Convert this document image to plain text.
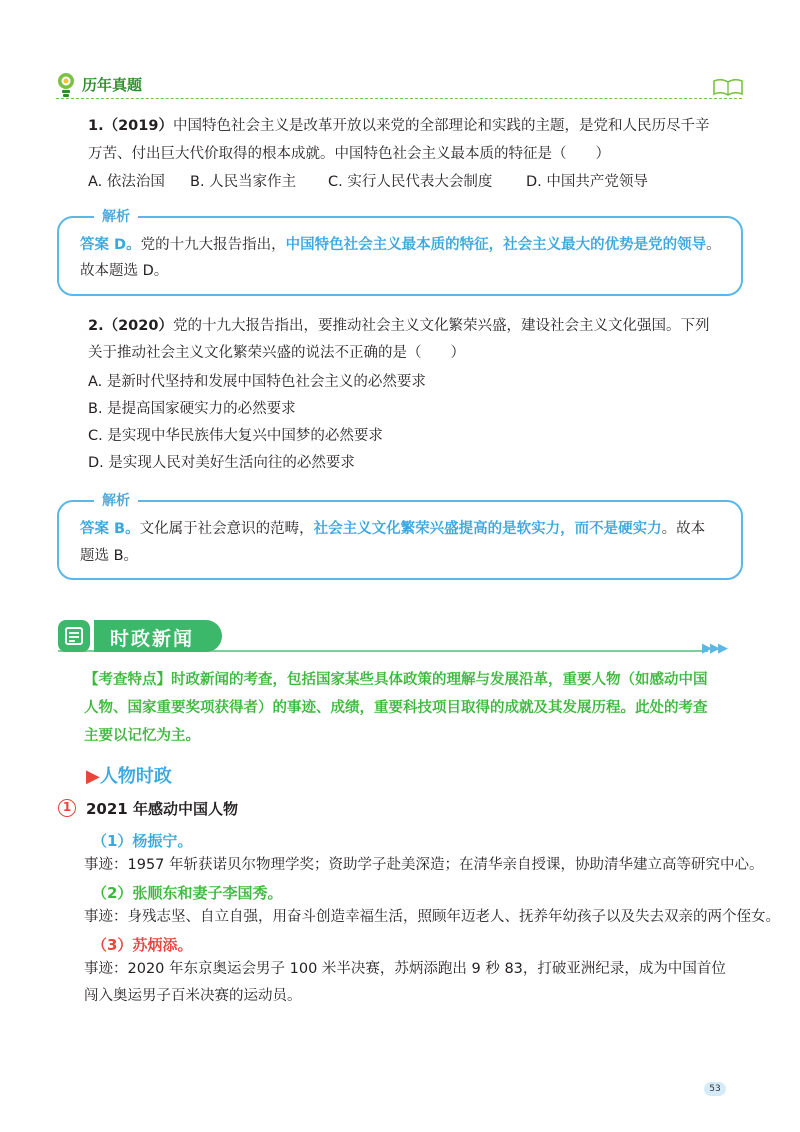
历年真题
1.（2019）中国特色社会主义是改革开放以来党的全部理论和实践的主题，是党和人民历尽千辛
万苦、付出巨大代价取得的根本成就。中国特色社会主义最本质的特征是（　　）
A. 依法治国 B. 人民当家作主 C. 实行人民代表大会制度 D. 中国共产党领导
解析
答案 D。党的十九大报告指出，中国特色社会主义最本质的特征，社会主义最大的优势是党的领导。
故本题选 D。
2.（2020）党的十九大报告指出，要推动社会主义文化繁荣兴盛，建设社会主义文化强国。下列
关于推动社会主义文化繁荣兴盛的说法不正确的是（　　）
A. 是新时代坚持和发展中国特色社会主义的必然要求
B. 是提高国家硬实力的必然要求
C. 是实现中华民族伟大复兴中国梦的必然要求
D. 是实现人民对美好生活向往的必然要求
解析
答案 B。文化属于社会意识的范畴，社会主义文化繁荣兴盛提高的是软实力，而不是硬实力。故本
题选 B。
时政新闻	▶▶▶
【考查特点】时政新闻的考查，包括国家某些具体政策的理解与发展沿革，重要人物（如感动中国
人物、国家重要奖项获得者）的事迹、成绩，重要科技项目取得的成就及其发展历程。此处的考查
主要以记忆为主。
▶人物时政
1 2021 年感动中国人物
（1）杨振宁。
事迹：1957 年斩获诺贝尔物理学奖；资助学子赴美深造；在清华亲自授课，协助清华建立高等研究中心。
（2）张顺东和妻子李国秀。
事迹：身残志坚、自立自强，用奋斗创造幸福生活，照顾年迈老人、抚养年幼孩子以及失去双亲的两个侄女。
（3）苏炳添。
事迹：2020 年东京奥运会男子 100 米半决赛，苏炳添跑出 9 秒 83，打破亚洲纪录，成为中国首位
闯入奥运男子百米决赛的运动员。
53
